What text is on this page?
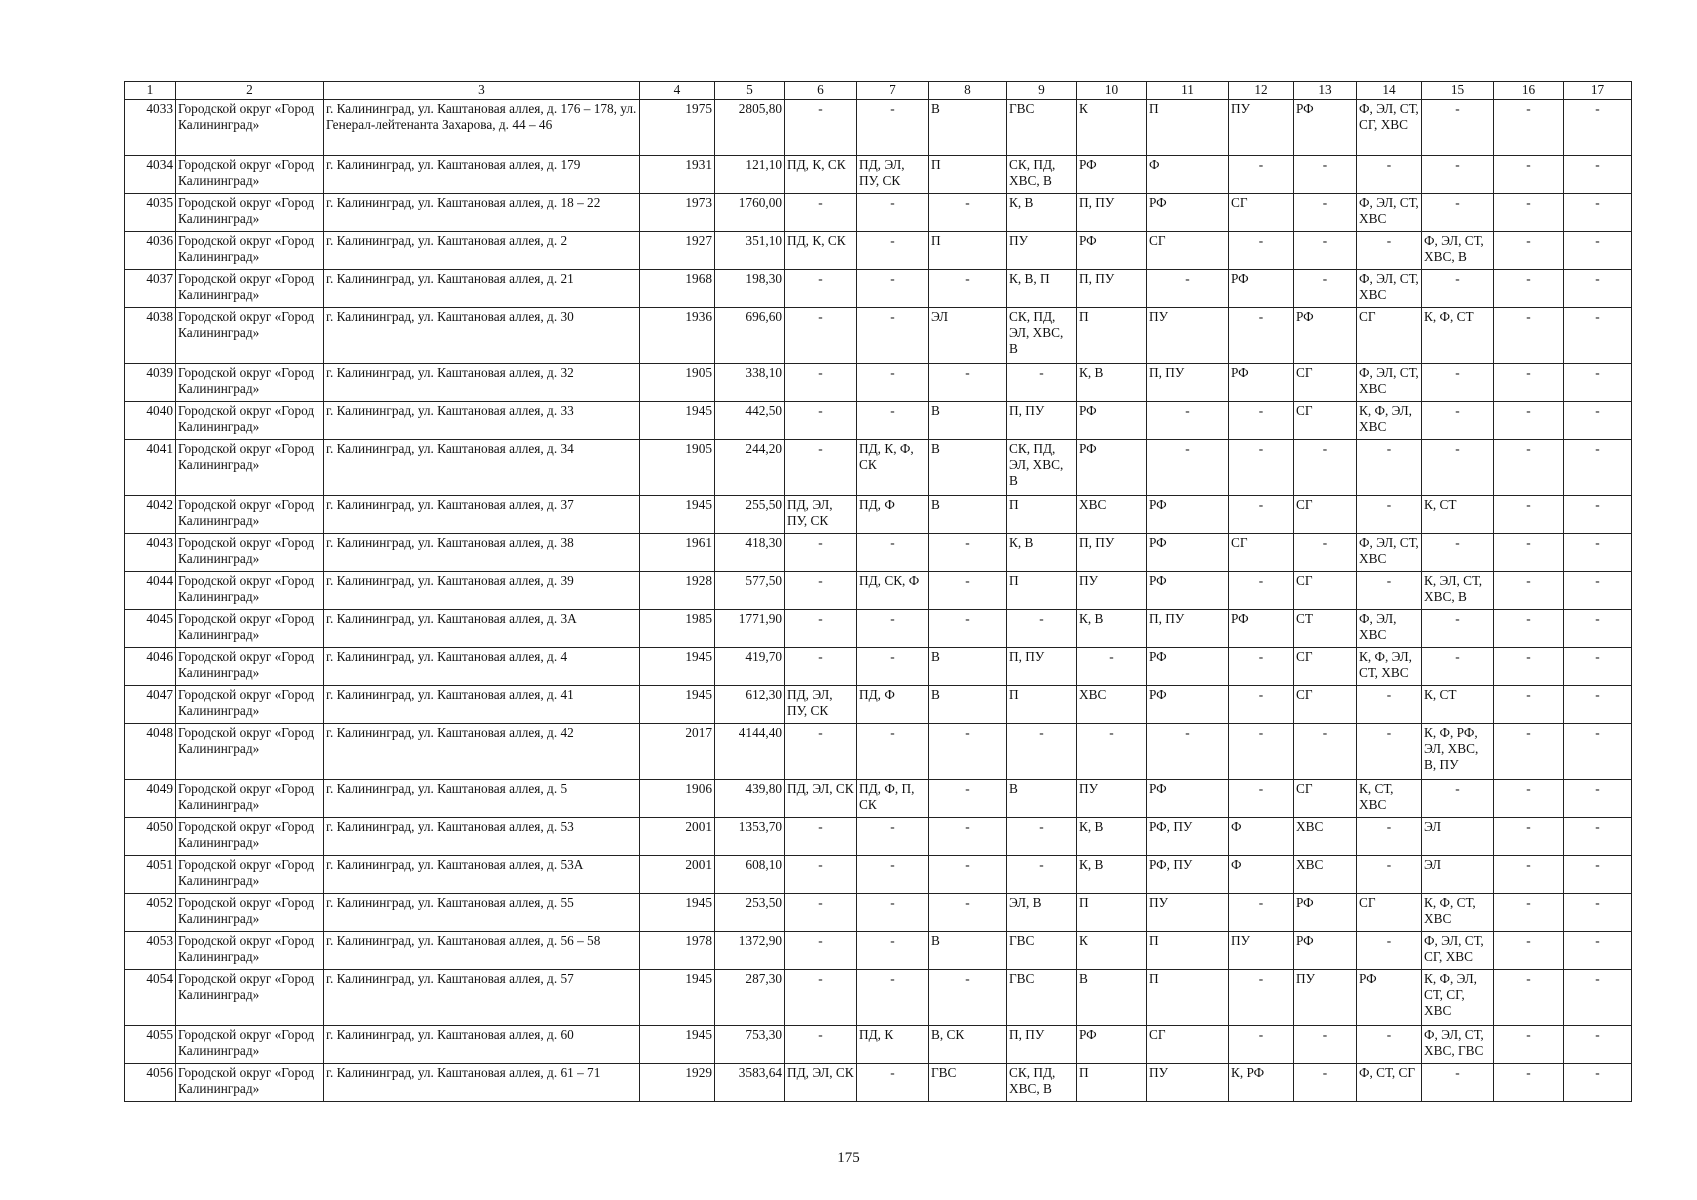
1	2	3	4	5	6	7	8	9	10	11	12	13	14	15	16	17
4033	Городской округ «Город Калининград»	г. Калининград, ул. Каштановая аллея, д. 176 – 178, ул. Генерал-лейтенанта Захарова, д. 44 – 46	1975	2805,80	-	-	В	ГВС	К	П	ПУ	РФ	Ф, ЭЛ, СТ, СГ, ХВС	-	-	-
4034	Городской округ «Город Калининград»	г. Калининград, ул. Каштановая аллея, д. 179	1931	121,10	ПД, К, СК	ПД, ЭЛ, ПУ, СК	П	СК, ПД, ХВС, В	РФ	Ф	-	-	-	-	-	-
4035	Городской округ «Город Калининград»	г. Калининград, ул. Каштановая аллея, д. 18 – 22	1973	1760,00	-	-	-	К, В	П, ПУ	РФ	СГ	-	Ф, ЭЛ, СТ, ХВС	-	-	-
4036	Городской округ «Город Калининград»	г. Калининград, ул. Каштановая аллея, д. 2	1927	351,10	ПД, К, СК	-	П	ПУ	РФ	СГ	-	-	-	Ф, ЭЛ, СТ, ХВС, В	-	-
4037	Городской округ «Город Калининград»	г. Калининград, ул. Каштановая аллея, д. 21	1968	198,30	-	-	-	К, В, П	П, ПУ	-	РФ	-	Ф, ЭЛ, СТ, ХВС	-	-	-
4038	Городской округ «Город Калининград»	г. Калининград, ул. Каштановая аллея, д. 30	1936	696,60	-	-	ЭЛ	СК, ПД, ЭЛ, ХВС, В	П	ПУ	-	РФ	СГ	К, Ф, СТ	-	-
4039	Городской округ «Город Калининград»	г. Калининград, ул. Каштановая аллея, д. 32	1905	338,10	-	-	-	-	К, В	П, ПУ	РФ	СГ	Ф, ЭЛ, СТ, ХВС	-	-	-
4040	Городской округ «Город Калининград»	г. Калининград, ул. Каштановая аллея, д. 33	1945	442,50	-	-	В	П, ПУ	РФ	-	-	СГ	К, Ф, ЭЛ, ХВС	-	-	-
4041	Городской округ «Город Калининград»	г. Калининград, ул. Каштановая аллея, д. 34	1905	244,20	-	ПД, К, Ф, СК	В	СК, ПД, ЭЛ, ХВС, В	РФ	-	-	-	-	-	-	-
4042	Городской округ «Город Калининград»	г. Калининград, ул. Каштановая аллея, д. 37	1945	255,50	ПД, ЭЛ, ПУ, СК	ПД, Ф	В	П	ХВС	РФ	-	СГ	-	К, СТ	-	-
4043	Городской округ «Город Калининград»	г. Калининград, ул. Каштановая аллея, д. 38	1961	418,30	-	-	-	К, В	П, ПУ	РФ	СГ	-	Ф, ЭЛ, СТ, ХВС	-	-	-
4044	Городской округ «Город Калининград»	г. Калининград, ул. Каштановая аллея, д. 39	1928	577,50	-	ПД, СК, Ф	-	П	ПУ	РФ	-	СГ	-	К, ЭЛ, СТ, ХВС, В	-	-
4045	Городской округ «Город Калининград»	г. Калининград, ул. Каштановая аллея, д. 3А	1985	1771,90	-	-	-	-	К, В	П, ПУ	РФ	СТ	Ф, ЭЛ, ХВС	-	-	-
4046	Городской округ «Город Калининград»	г. Калининград, ул. Каштановая аллея, д. 4	1945	419,70	-	-	В	П, ПУ	-	РФ	-	СГ	К, Ф, ЭЛ, СТ, ХВС	-	-	-
4047	Городской округ «Город Калининград»	г. Калининград, ул. Каштановая аллея, д. 41	1945	612,30	ПД, ЭЛ, ПУ, СК	ПД, Ф	В	П	ХВС	РФ	-	СГ	-	К, СТ	-	-
4048	Городской округ «Город Калининград»	г. Калининград, ул. Каштановая аллея, д. 42	2017	4144,40	-	-	-	-	-	-	-	-	-	К, Ф, РФ, ЭЛ, ХВС, В, ПУ	-	-
4049	Городской округ «Город Калининград»	г. Калининград, ул. Каштановая аллея, д. 5	1906	439,80	ПД, ЭЛ, СК	ПД, Ф, П, СК	-	В	ПУ	РФ	-	СГ	К, СТ, ХВС	-	-	-
4050	Городской округ «Город Калининград»	г. Калининград, ул. Каштановая аллея, д. 53	2001	1353,70	-	-	-	-	К, В	РФ, ПУ	Ф	ХВС	-	ЭЛ	-	-
4051	Городской округ «Город Калининград»	г. Калининград, ул. Каштановая аллея, д. 53А	2001	608,10	-	-	-	-	К, В	РФ, ПУ	Ф	ХВС	-	ЭЛ	-	-
4052	Городской округ «Город Калининград»	г. Калининград, ул. Каштановая аллея, д. 55	1945	253,50	-	-	-	ЭЛ, В	П	ПУ	-	РФ	СГ	К, Ф, СТ, ХВС	-	-
4053	Городской округ «Город Калининград»	г. Калининград, ул. Каштановая аллея, д. 56 – 58	1978	1372,90	-	-	В	ГВС	К	П	ПУ	РФ	-	Ф, ЭЛ, СТ, СГ, ХВС	-	-
4054	Городской округ «Город Калининград»	г. Калининград, ул. Каштановая аллея, д. 57	1945	287,30	-	-	-	ГВС	В	П	-	ПУ	РФ	К, Ф, ЭЛ, СТ, СГ, ХВС	-	-
4055	Городской округ «Город Калининград»	г. Калининград, ул. Каштановая аллея, д. 60	1945	753,30	-	ПД, К	В, СК	П, ПУ	РФ	СГ	-	-	-	Ф, ЭЛ, СТ, ХВС, ГВС	-	-
4056	Городской округ «Город Калининград»	г. Калининград, ул. Каштановая аллея, д. 61 – 71	1929	3583,64	ПД, ЭЛ, СК	-	ГВС	СК, ПД, ХВС, В	П	ПУ	К, РФ	-	Ф, СТ, СГ	-	-	-
175
